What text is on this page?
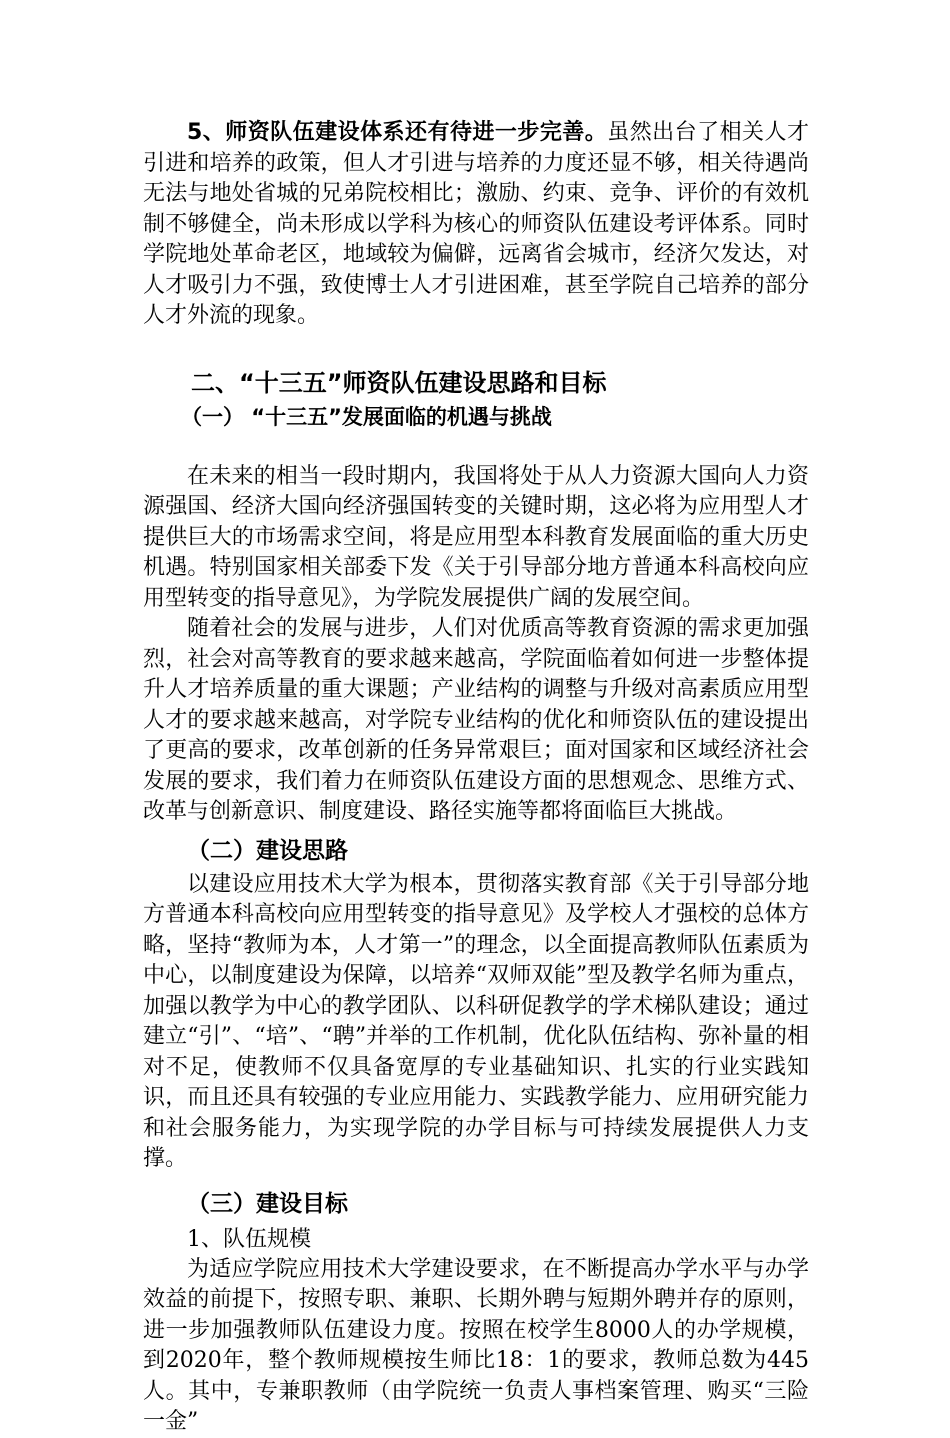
5、师资队伍建设体系还有待进一步完善。虽然出台了相关人才引进和培养的政策，但人才引进与培养的力度还显不够，相关待遇尚无法与地处省城的兄弟院校相比；激励、约束、竞争、评价的有效机制不够健全，尚未形成以学科为核心的师资队伍建设考评体系。同时学院地处革命老区，地域较为偏僻，远离省会城市，经济欠发达，对人才吸引力不强，致使博士人才引进困难，甚至学院自己培养的部分人才外流的现象。

二、“十三五”师资队伍建设思路和目标
（一） “十三五”发展面临的机遇与挑战

在未来的相当一段时期内，我国将处于从人力资源大国向人力资源强国、经济大国向经济强国转变的关键时期，这必将为应用型人才提供巨大的市场需求空间，将是应用型本科教育发展面临的重大历史机遇。特别国家相关部委下发《关于引导部分地方普通本科高校向应用型转变的指导意见》，为学院发展提供广阔的发展空间。

随着社会的发展与进步，人们对优质高等教育资源的需求更加强烈，社会对高等教育的要求越来越高，学院面临着如何进一步整体提升人才培养质量的重大课题；产业结构的调整与升级对高素质应用型人才的要求越来越高，对学院专业结构的优化和师资队伍的建设提出了更高的要求，改革创新的任务异常艰巨；面对国家和区域经济社会发展的要求，我们着力在师资队伍建设方面的思想观念、思维方式、改革与创新意识、制度建设、路径实施等都将面临巨大挑战。

（二）建设思路

以建设应用技术大学为根本，贯彻落实教育部《关于引导部分地方普通本科高校向应用型转变的指导意见》及学校人才强校的总体方略，坚持“教师为本，人才第一”的理念，以全面提高教师队伍素质为中心，以制度建设为保障，以培养“双师双能”型及教学名师为重点，加强以教学为中心的教学团队、以科研促教学的学术梯队建设；通过建立“引”、“培”、“聘”并举的工作机制，优化队伍结构、弥补量的相对不足，使教师不仅具备宽厚的专业基础知识、扎实的行业实践知识，而且还具有较强的专业应用能力、实践教学能力、应用研究能力和社会服务能力，为实现学院的办学目标与可持续发展提供人力支撑。

（三）建设目标

1、队伍规模

为适应学院应用技术大学建设要求，在不断提高办学水平与办学效益的前提下，按照专职、兼职、长期外聘与短期外聘并存的原则，进一步加强教师队伍建设力度。按照在校学生8000人的办学规模，到2020年，整个教师规模按生师比18：1的要求，教师总数为445人。其中，专兼职教师（由学院统一负责人事档案管理、购买“三险一金”
